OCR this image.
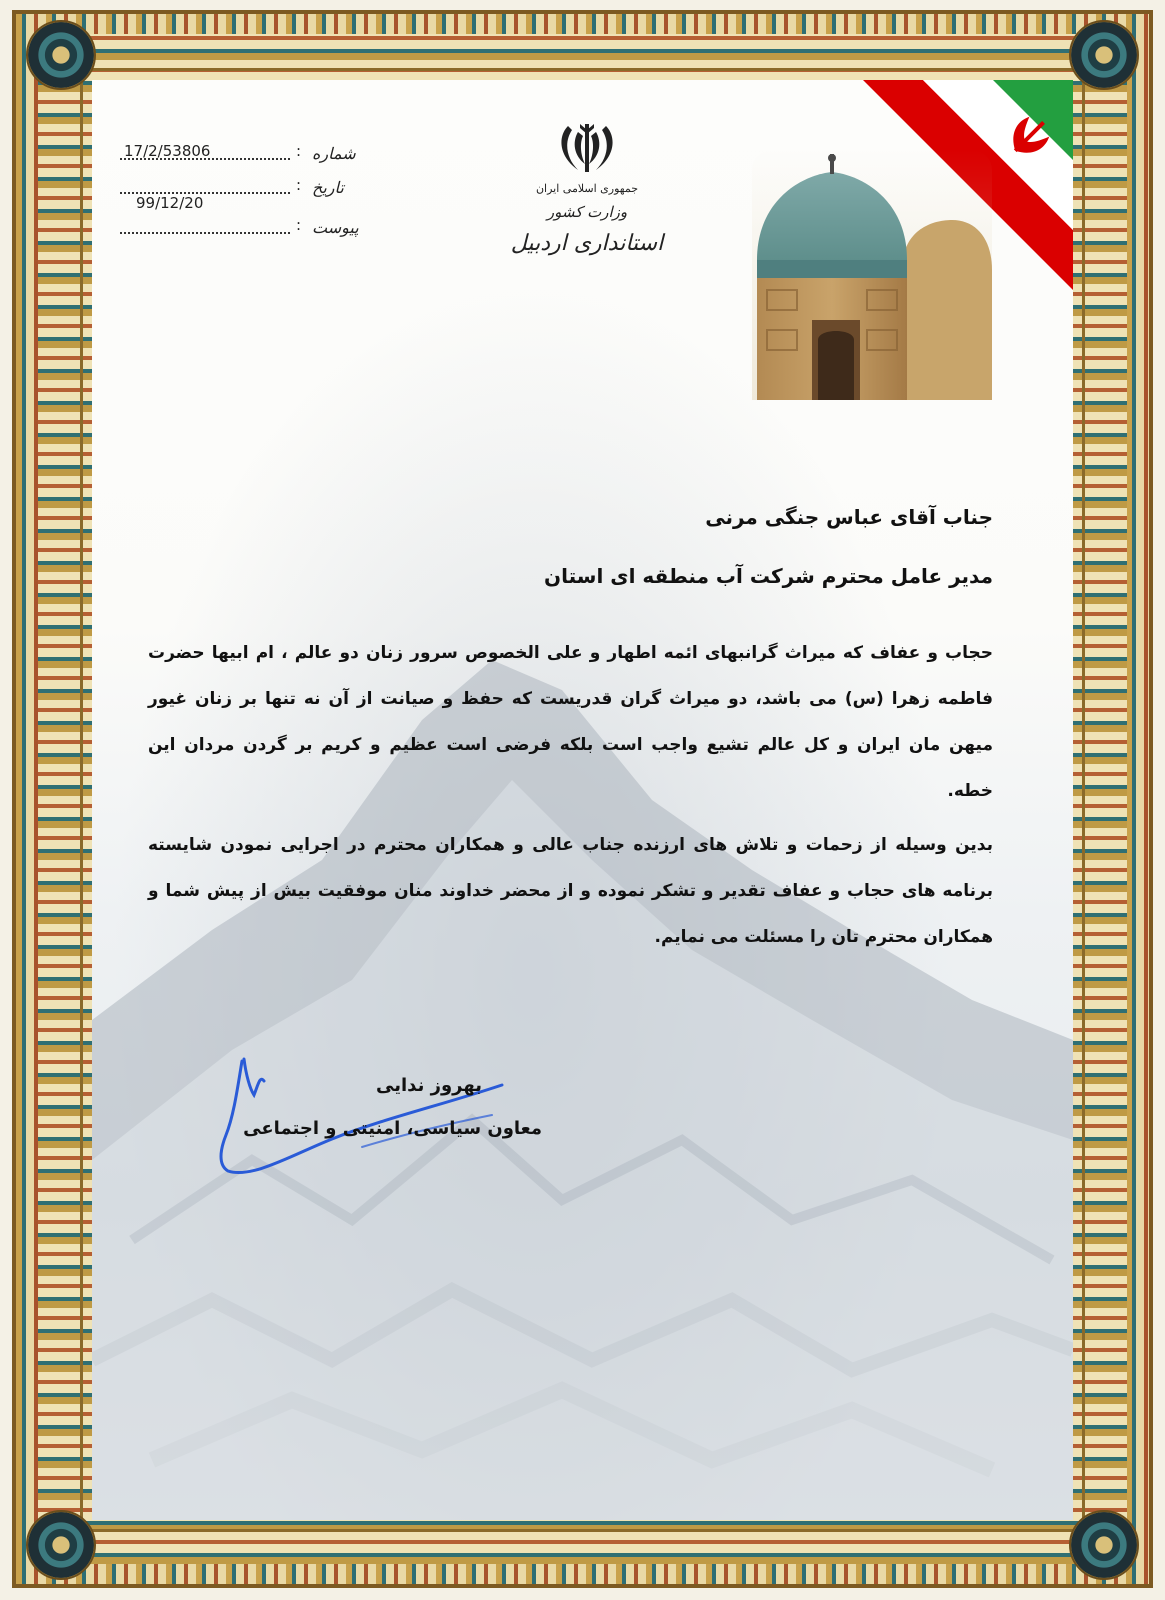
جمهوری اسلامی ایران
وزارت کشور
استانداری اردبیل
17/2/53806	: شماره
99/12/20
: تاریخ
: پیوست
جناب آقای عباس جنگی مرنی
مدیر عامل محترم شرکت آب منطقه ای استان
حجاب و عفاف که میراث گرانبهای ائمه اطهار و علی الخصوص سرور زنان دو عالم ، ام ابیها حضرت فاطمه زهرا (س) می باشد، دو میراث گران قدریست که حفظ و صیانت از آن نه تنها بر زنان غیور میهن مان ایران و کل عالم تشیع واجب است بلکه فرضی است عظیم و کریم بر گردن مردان این خطه.
بدین وسیله از زحمات و تلاش های ارزنده جناب عالی و همکاران محترم در اجرایی نمودن شایسته برنامه های حجاب و عفاف تقدیر و تشکر نموده و از محضر خداوند منان موفقیت بیش از پیش شما و همکاران محترم تان را مسئلت می نمایم.
بهروز ندایی
معاون سیاسی، امنیتی و اجتماعی
